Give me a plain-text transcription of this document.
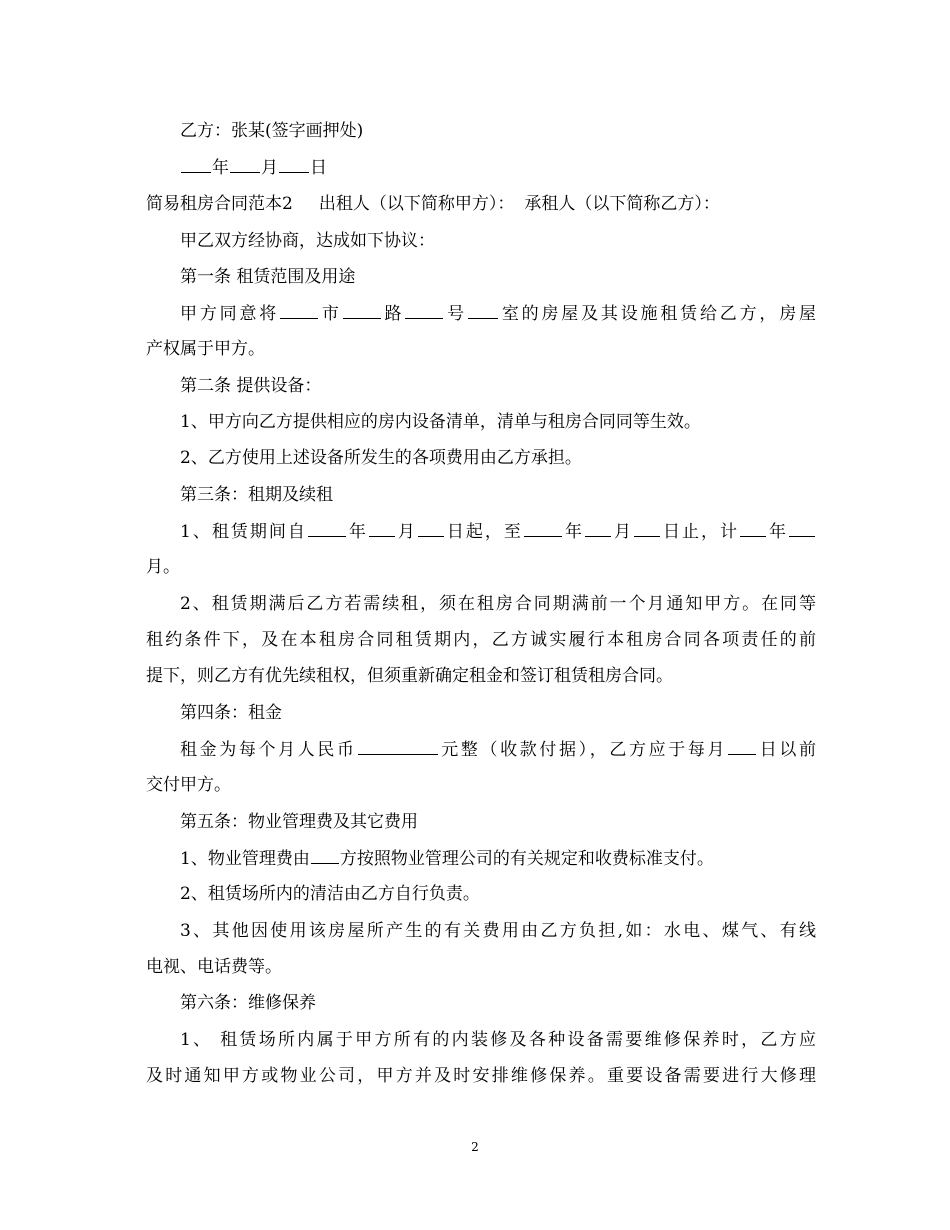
乙方：张某(签字画押处)
年 月 日
简易租房合同范本2 出租人（以下简称甲方）： 承租人（以下简称乙方）：
甲乙双方经协商，达成如下协议：
第一条 租赁范围及用途
甲方同意将 市 路 号 室的房屋及其设施租赁给乙方，房屋
产权属于甲方。
第二条 提供设备：
1、甲方向乙方提供相应的房内设备清单，清单与租房合同同等生效。
2、乙方使用上述设备所发生的各项费用由乙方承担。
第三条：租期及续租
1、租赁期间自 年 月 日起，至 年 月 日止，计 年
月。
2、租赁期满后乙方若需续租，须在租房合同期满前一个月通知甲方。在同等
租约条件下，及在本租房合同租赁期内，乙方诚实履行本租房合同各项责任的前
提下，则乙方有优先续租权，但须重新确定租金和签订租赁租房合同。
第四条：租金
租金为每个月人民币	元整（收款付据），乙方应于每月 日以前
交付甲方。
第五条：物业管理费及其它费用
1、物业管理费由 方按照物业管理公司的有关规定和收费标准支付。
2、租赁场所内的清洁由乙方自行负责。
3、其他因使用该房屋所产生的有关费用由乙方负担,如：水电、煤气、有线
电视、电话费等。
第六条：维修保养
1、 租赁场所内属于甲方所有的内装修及各种设备需要维修保养时，乙方应
及时通知甲方或物业公司，甲方并及时安排维修保养。重要设备需要进行大修理
2
